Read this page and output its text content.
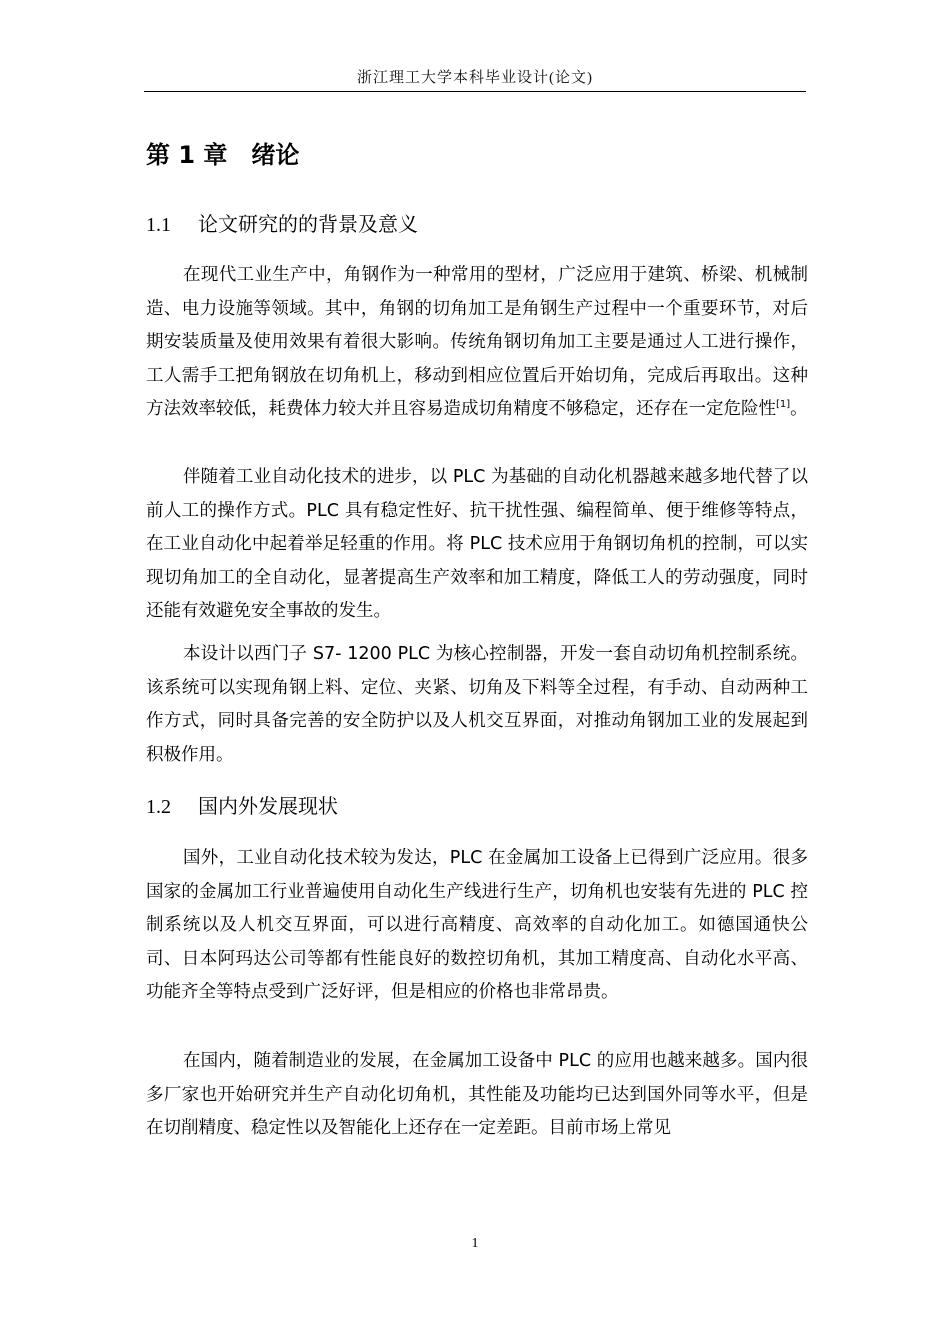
浙江理工大学本科毕业设计(论文)
第 1 章　绪论
1.1 论文研究的的背景及意义
在现代工业生产中，角钢作为一种常用的型材，广泛应用于建筑、桥梁、机械制造、电力设施等领域。其中，角钢的切角加工是角钢生产过程中一个重要环节，对后期安装质量及使用效果有着很大影响。传统角钢切角加工主要是通过人工进行操作，工人需手工把角钢放在切角机上，移动到相应位置后开始切角，完成后再取出。这种方法效率较低，耗费体力较大并且容易造成切角精度不够稳定，还存在一定危险性[1]。
伴随着工业自动化技术的进步，以 PLC 为基础的自动化机器越来越多地代替了以前人工的操作方式。PLC 具有稳定性好、抗干扰性强、编程简单、便于维修等特点，在工业自动化中起着举足轻重的作用。将 PLC 技术应用于角钢切角机的控制，可以实现切角加工的全自动化，显著提高生产效率和加工精度，降低工人的劳动强度，同时还能有效避免安全事故的发生。
本设计以西门子 S7- 1200 PLC 为核心控制器，开发一套自动切角机控制系统。该系统可以实现角钢上料、定位、夹紧、切角及下料等全过程，有手动、自动两种工作方式，同时具备完善的安全防护以及人机交互界面，对推动角钢加工业的发展起到积极作用。
1.2 国内外发展现状
国外，工业自动化技术较为发达，PLC 在金属加工设备上已得到广泛应用。很多国家的金属加工行业普遍使用自动化生产线进行生产，切角机也安装有先进的 PLC 控制系统以及人机交互界面，可以进行高精度、高效率的自动化加工。如德国通快公司、日本阿玛达公司等都有性能良好的数控切角机，其加工精度高、自动化水平高、功能齐全等特点受到广泛好评，但是相应的价格也非常昂贵。
在国内，随着制造业的发展，在金属加工设备中 PLC 的应用也越来越多。国内很多厂家也开始研究并生产自动化切角机，其性能及功能均已达到国外同等水平，但是在切削精度、稳定性以及智能化上还存在一定差距。目前市场上常见
1
